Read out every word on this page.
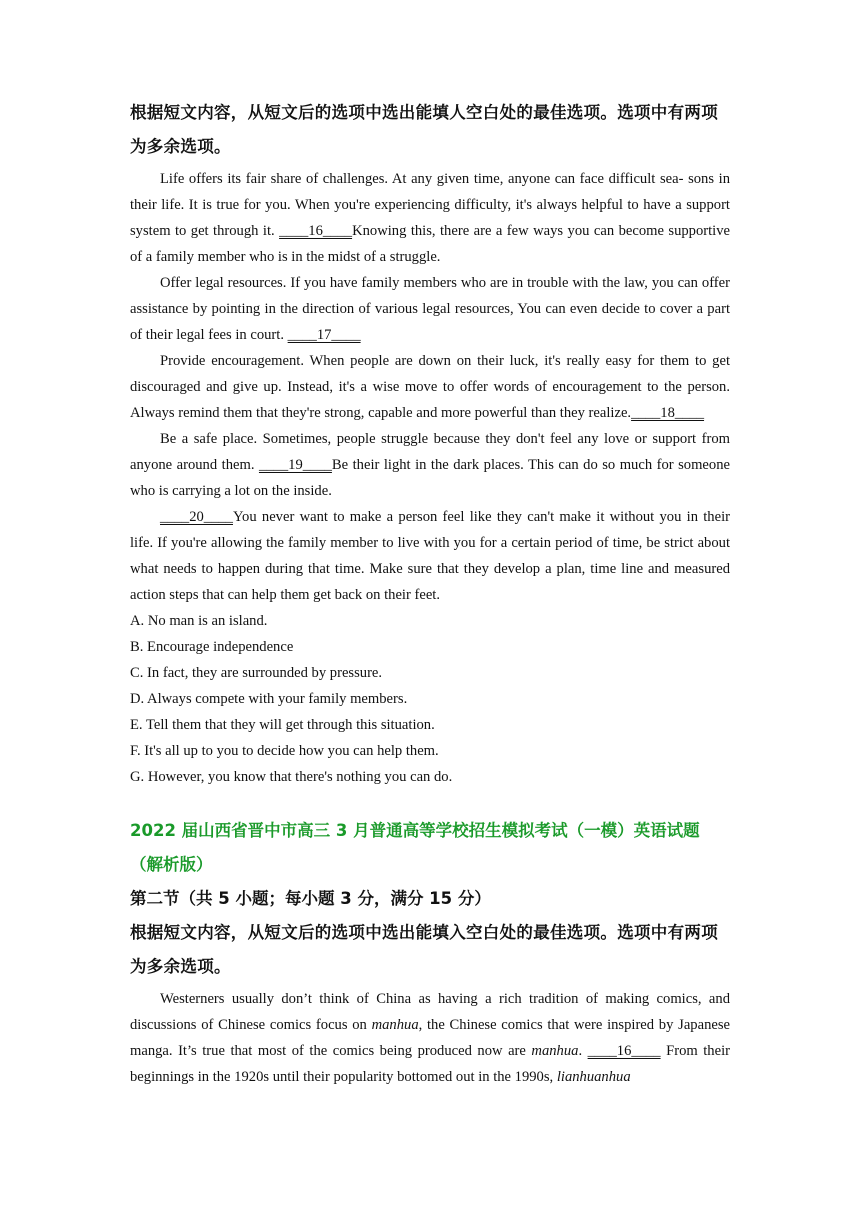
根据短文内容，从短文后的选项中选出能填人空白处的最佳选项。选项中有两项为多余选项。

Life offers its fair share of challenges. At any given time, anyone can face difficult sea- sons in their life. It is true for you. When you're experiencing difficulty, it's always helpful to have a support system to get through it. ____16____Knowing this, there are a few ways you can become supportive of a family member who is in the midst of a struggle.

Offer legal resources. If you have family members who are in trouble with the law, you can offer assistance by pointing in the direction of various legal resources, You can even decide to cover a part of their legal fees in court. ____17____

Provide encouragement. When people are down on their luck, it's really easy for them to get discouraged and give up. Instead, it's a wise move to offer words of encouragement to the person. Always remind them that they're strong, capable and more powerful than they realize.____18____

Be a safe place. Sometimes, people struggle because they don't feel any love or support from anyone around them. ____19____Be their light in the dark places. This can do so much for someone who is carrying a lot on the inside.

____20____You never want to make a person feel like they can't make it without you in their life. If you're allowing the family member to live with you for a certain period of time, be strict about what needs to happen during that time. Make sure that they develop a plan, time line and measured action steps that can help them get back on their feet.

A. No man is an island.

B. Encourage independence

C. In fact, they are surrounded by pressure.

D. Always compete with your family members.

E. Tell them that they will get through this situation.

F. It's all up to you to decide how you can help them.

G. However, you know that there's nothing you can do.

2022 届山西省晋中市高三 3 月普通高等学校招生模拟考试（一模）英语试题（解析版）

第二节（共 5 小题；每小题 3 分，满分 15 分）

根据短文内容，从短文后的选项中选出能填入空白处的最佳选项。选项中有两项为多余选项。

Westerners usually don’t think of China as having a rich tradition of making comics, and discussions of Chinese comics focus on manhua, the Chinese comics that were inspired by Japanese manga. It’s true that most of the comics being produced now are manhua. ____16____ From their beginnings in the 1920s until their popularity bottomed out in the 1990s, lianhuanhua
